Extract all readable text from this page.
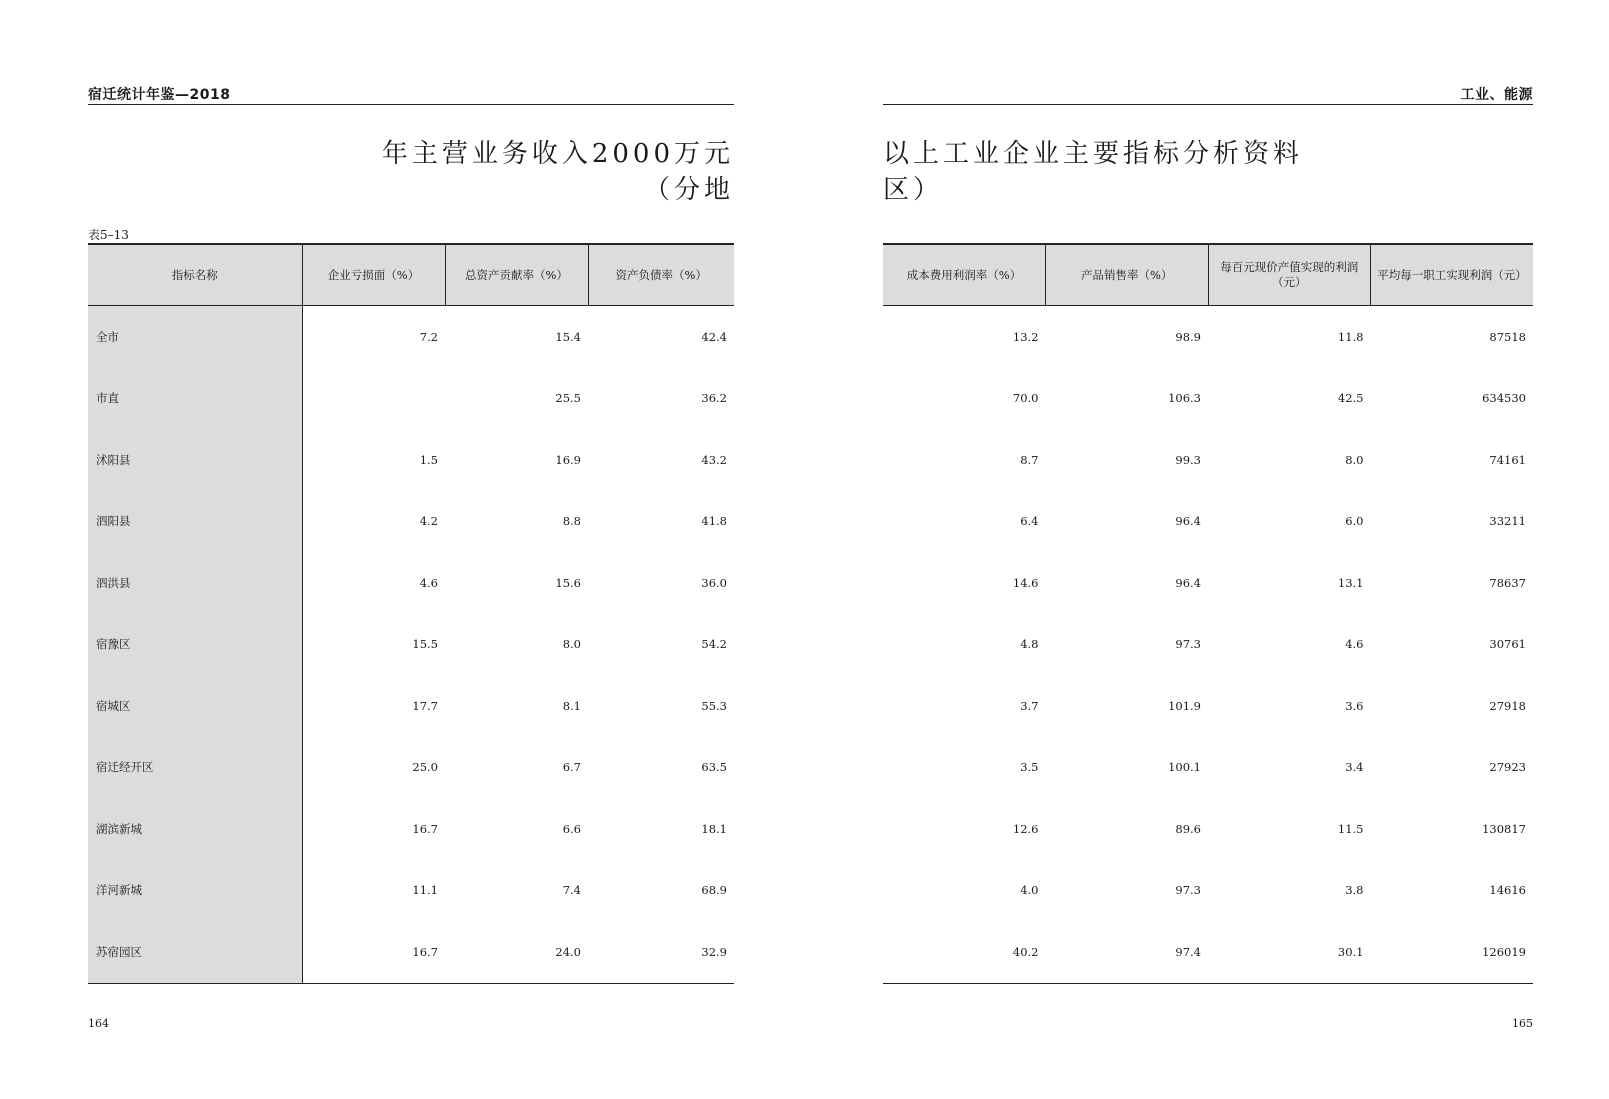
宿迁统计年鉴—2018
年主营业务收入2000万元
（分地
表5–13
指标名称	企业亏损面（%）	总资产贡献率（%）	资产负债率（%）
全市	7.2	15.4	42.4
市直		25.5	36.2
沭阳县	1.5	16.9	43.2
泗阳县	4.2	8.8	41.8
泗洪县	4.6	15.6	36.0
宿豫区	15.5	8.0	54.2
宿城区	17.7	8.1	55.3
宿迁经开区	25.0	6.7	63.5
湖滨新城	16.7	6.6	18.1
洋河新城	11.1	7.4	68.9
苏宿园区	16.7	24.0	32.9
164
工业、能源
以上工业企业主要指标分析资料
区）
成本费用利润率（%）	产品销售率（%）	每百元现价产值实现的利润（元）	平均每一职工实现利润（元）
13.2	98.9	11.8	87518
70.0	106.3	42.5	634530
8.7	99.3	8.0	74161
6.4	96.4	6.0	33211
14.6	96.4	13.1	78637
4.8	97.3	4.6	30761
3.7	101.9	3.6	27918
3.5	100.1	3.4	27923
12.6	89.6	11.5	130817
4.0	97.3	3.8	14616
40.2	97.4	30.1	126019
165
